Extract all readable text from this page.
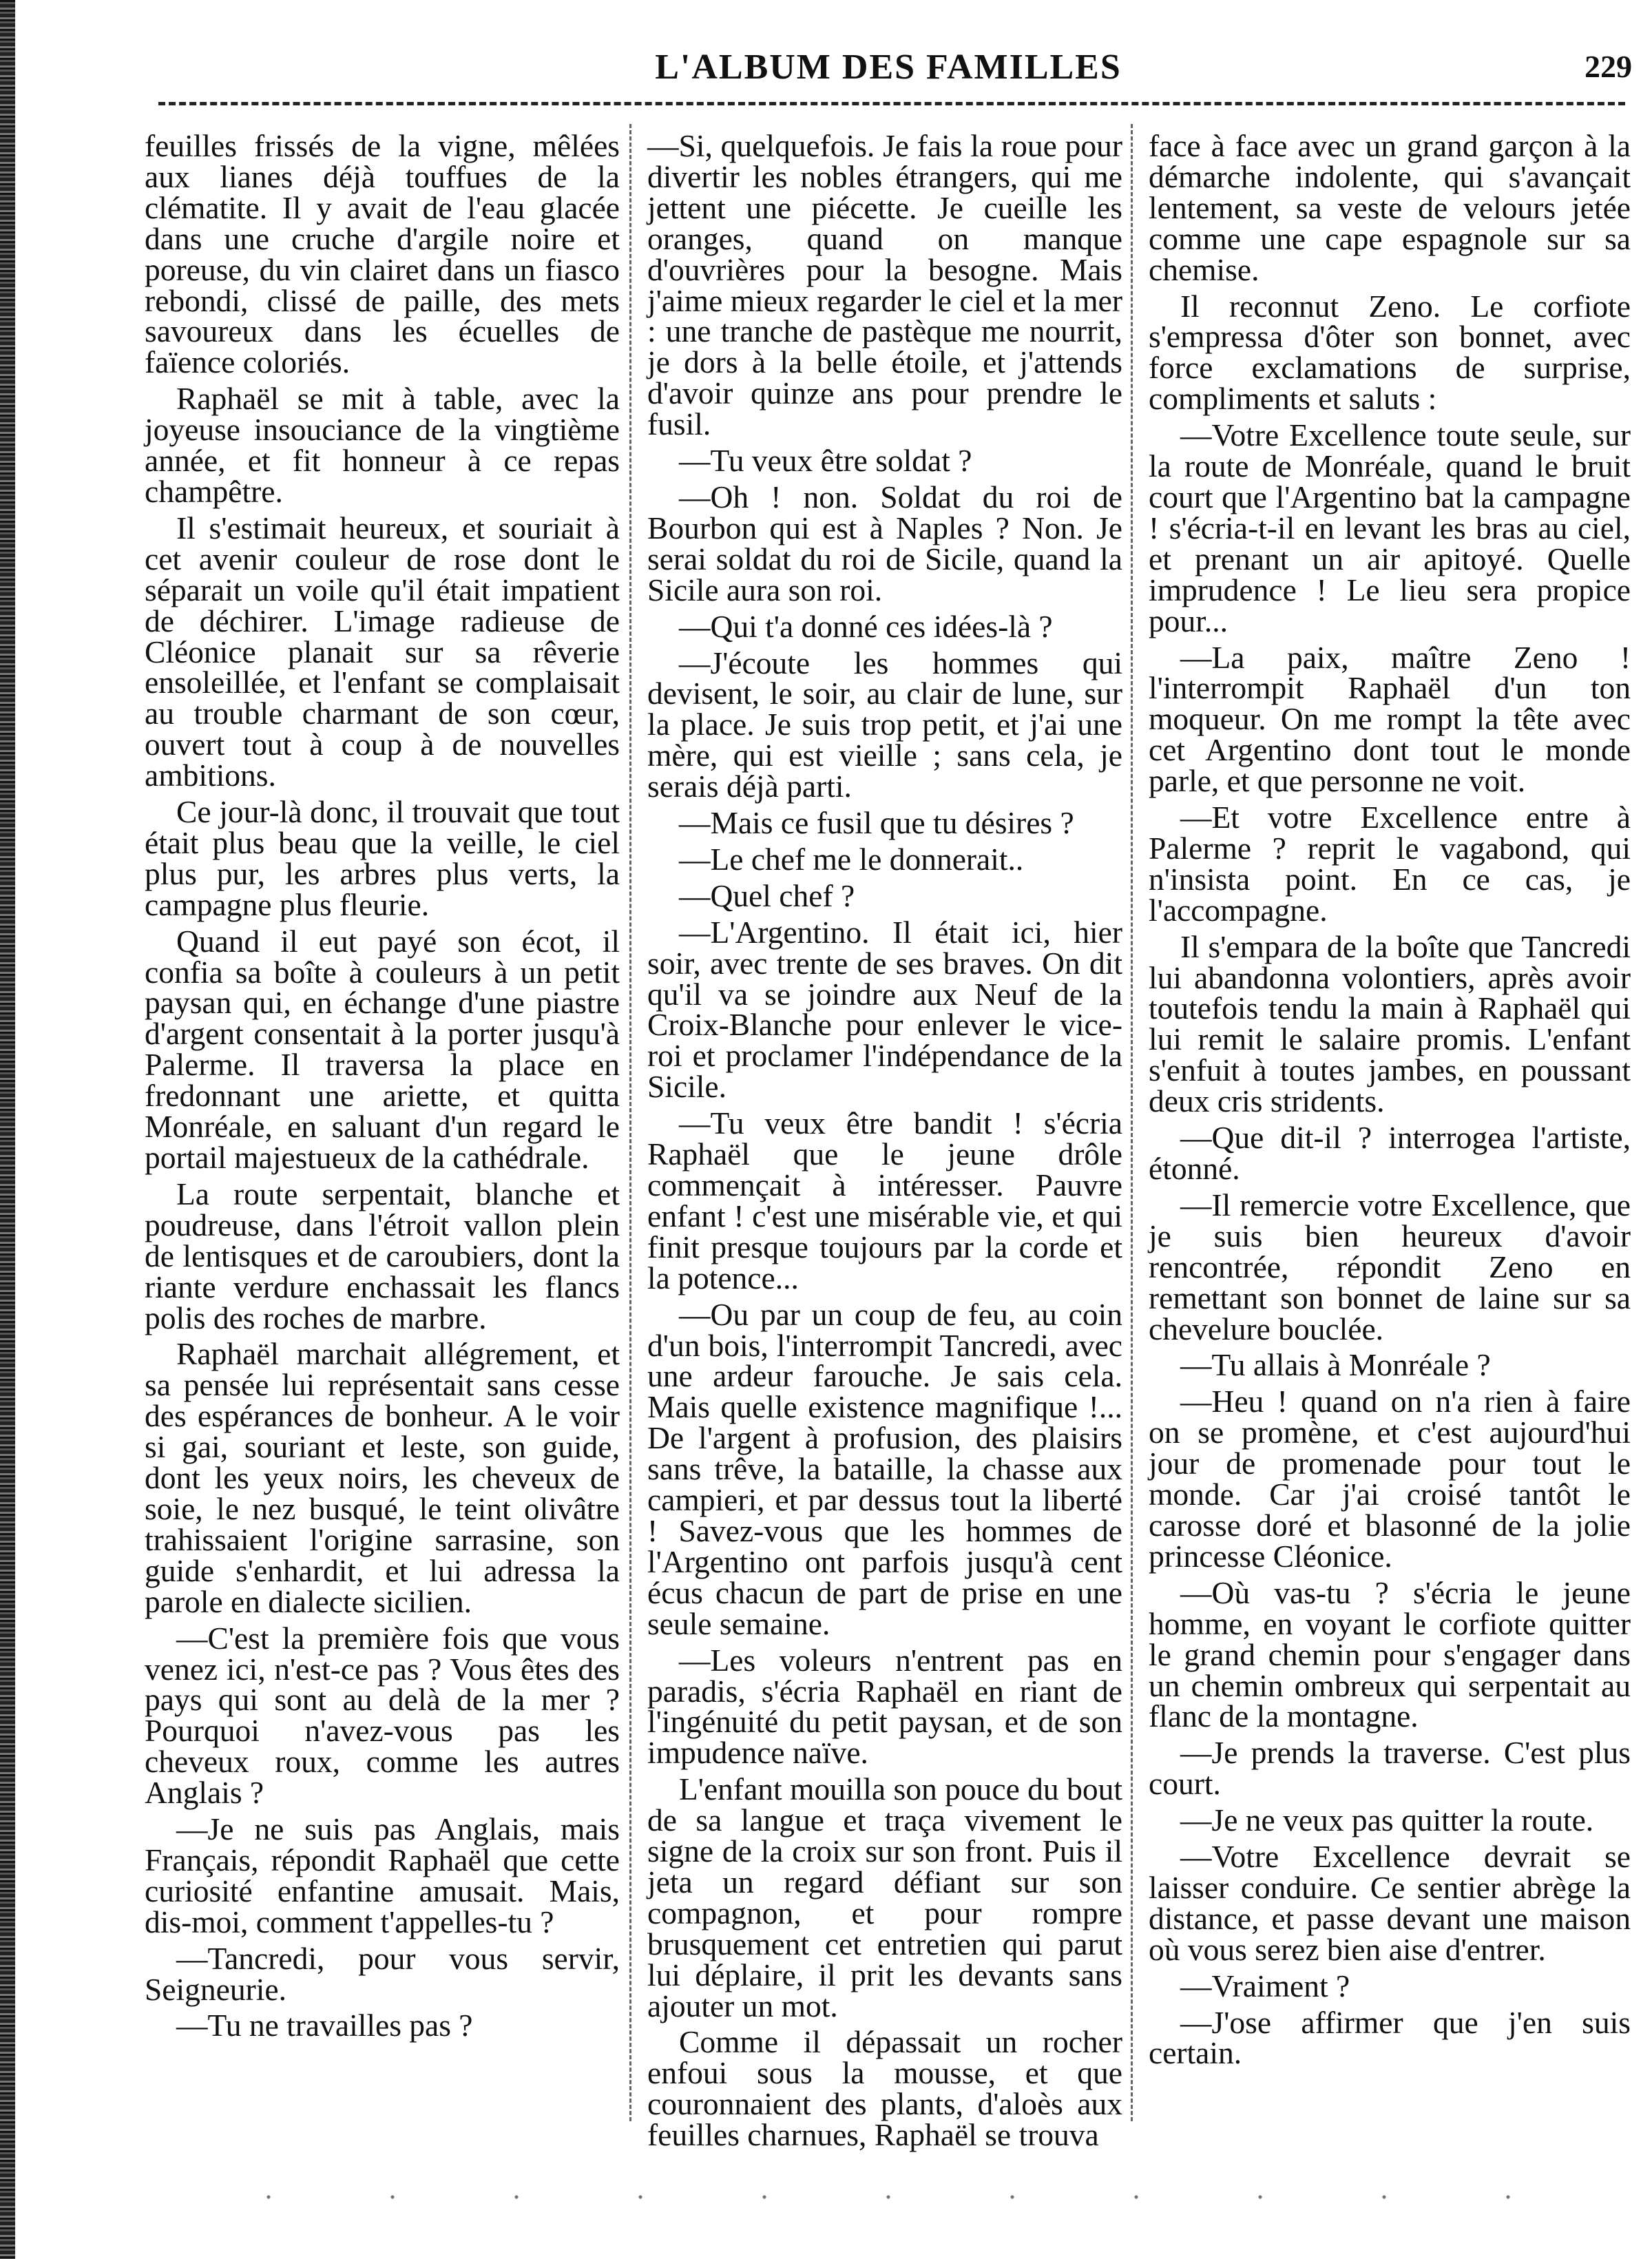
L'ALBUM DES FAMILLES	229

feuilles frissés de la vigne, mêlées aux lianes déjà touffues de la clématite. Il y avait de l'eau glacée dans une cruche d'argile noire et poreuse, du vin clairet dans un fiasco rebondi, clissé de paille, des mets savoureux dans les écuelles de faïence coloriés.

Raphaël se mit à table, avec la joyeuse insouciance de la vingtième année, et fit honneur à ce repas champêtre.

Il s'estimait heureux, et souriait à cet avenir couleur de rose dont le séparait un voile qu'il était impatient de déchirer. L'image radieuse de Cléonice planait sur sa rêverie ensoleillée, et l'enfant se complaisait au trouble charmant de son cœur, ouvert tout à coup à de nouvelles ambitions.

Ce jour-là donc, il trouvait que tout était plus beau que la veille, le ciel plus pur, les arbres plus verts, la campagne plus fleurie.

Quand il eut payé son écot, il confia sa boîte à couleurs à un petit paysan qui, en échange d'une piastre d'argent consentait à la porter jusqu'à Palerme. Il traversa la place en fredonnant une ariette, et quitta Monréale, en saluant d'un regard le portail majestueux de la cathédrale.

La route serpentait, blanche et poudreuse, dans l'étroit vallon plein de lentisques et de caroubiers, dont la riante verdure enchassait les flancs polis des roches de marbre.

Raphaël marchait allégrement, et sa pensée lui représentait sans cesse des espérances de bonheur. A le voir si gai, souriant et leste, son guide, dont les yeux noirs, les cheveux de soie, le nez busqué, le teint olivâtre trahissaient l'origine sarrasine, son guide s'enhardit, et lui adressa la parole en dialecte sicilien.

—C'est la première fois que vous venez ici, n'est-ce pas ? Vous êtes des pays qui sont au delà de la mer ? Pourquoi n'avez-vous pas les cheveux roux, comme les autres Anglais ?

—Je ne suis pas Anglais, mais Français, répondit Raphaël que cette curiosité enfantine amusait. Mais, dis-moi, comment t'appelles-tu ?

—Tancredi, pour vous servir, Seigneurie.

—Tu ne travailles pas ?

—Si, quelquefois. Je fais la roue pour divertir les nobles étrangers, qui me jettent une piécette. Je cueille les oranges, quand on manque d'ouvrières pour la besogne. Mais j'aime mieux regarder le ciel et la mer : une tranche de pastèque me nourrit, je dors à la belle étoile, et j'attends d'avoir quinze ans pour prendre le fusil.

—Tu veux être soldat ?

—Oh ! non. Soldat du roi de Bourbon qui est à Naples ? Non. Je serai soldat du roi de Sicile, quand la Sicile aura son roi.

—Qui t'a donné ces idées-là ?

—J'écoute les hommes qui devisent, le soir, au clair de lune, sur la place. Je suis trop petit, et j'ai une mère, qui est vieille ; sans cela, je serais déjà parti.

—Mais ce fusil que tu désires ?

—Le chef me le donnerait..

—Quel chef ?

—L'Argentino. Il était ici, hier soir, avec trente de ses braves. On dit qu'il va se joindre aux Neuf de la Croix-Blanche pour enlever le vice-roi et proclamer l'indépendance de la Sicile.

—Tu veux être bandit ! s'écria Raphaël que le jeune drôle commençait à intéresser. Pauvre enfant ! c'est une misérable vie, et qui finit presque toujours par la corde et la potence...

—Ou par un coup de feu, au coin d'un bois, l'interrompit Tancredi, avec une ardeur farouche. Je sais cela. Mais quelle existence magnifique !... De l'argent à profusion, des plaisirs sans trêve, la bataille, la chasse aux campieri, et par dessus tout la liberté ! Savez-vous que les hommes de l'Argentino ont parfois jusqu'à cent écus chacun de part de prise en une seule semaine.

—Les voleurs n'entrent pas en paradis, s'écria Raphaël en riant de l'ingénuité du petit paysan, et de son impudence naïve.

L'enfant mouilla son pouce du bout de sa langue et traça vivement le signe de la croix sur son front. Puis il jeta un regard défiant sur son compagnon, et pour rompre brusquement cet entretien qui parut lui déplaire, il prit les devants sans ajouter un mot.

Comme il dépassait un rocher enfoui sous la mousse, et que couronnaient des plants, d'aloès aux feuilles charnues, Raphaël se trouva

face à face avec un grand garçon à la démarche indolente, qui s'avançait lentement, sa veste de velours jetée comme une cape espagnole sur sa chemise.

Il reconnut Zeno. Le corfiote s'empressa d'ôter son bonnet, avec force exclamations de surprise, compliments et saluts :

—Votre Excellence toute seule, sur la route de Monréale, quand le bruit court que l'Argentino bat la campagne ! s'écria-t-il en levant les bras au ciel, et prenant un air apitoyé. Quelle imprudence ! Le lieu sera propice pour...

—La paix, maître Zeno ! l'interrompit Raphaël d'un ton moqueur. On me rompt la tête avec cet Argentino dont tout le monde parle, et que personne ne voit.

—Et votre Excellence entre à Palerme ? reprit le vagabond, qui n'insista point. En ce cas, je l'accompagne.

Il s'empara de la boîte que Tancredi lui abandonna volontiers, après avoir toutefois tendu la main à Raphaël qui lui remit le salaire promis. L'enfant s'enfuit à toutes jambes, en poussant deux cris stridents.

—Que dit-il ? interrogea l'artiste, étonné.

—Il remercie votre Excellence, que je suis bien heureux d'avoir rencontrée, répondit Zeno en remettant son bonnet de laine sur sa chevelure bouclée.

—Tu allais à Monréale ?

—Heu ! quand on n'a rien à faire on se promène, et c'est aujourd'hui jour de promenade pour tout le monde. Car j'ai croisé tantôt le carosse doré et blasonné de la jolie princesse Cléonice.

—Où vas-tu ? s'écria le jeune homme, en voyant le corfiote quitter le grand chemin pour s'engager dans un chemin ombreux qui serpentait au flanc de la montagne.

—Je prends la traverse. C'est plus court.

—Je ne veux pas quitter la route.

—Votre Excellence devrait se laisser conduire. Ce sentier abrège la distance, et passe devant une maison où vous serez bien aise d'entrer.

—Vraiment ?

—J'ose affirmer que j'en suis certain.
